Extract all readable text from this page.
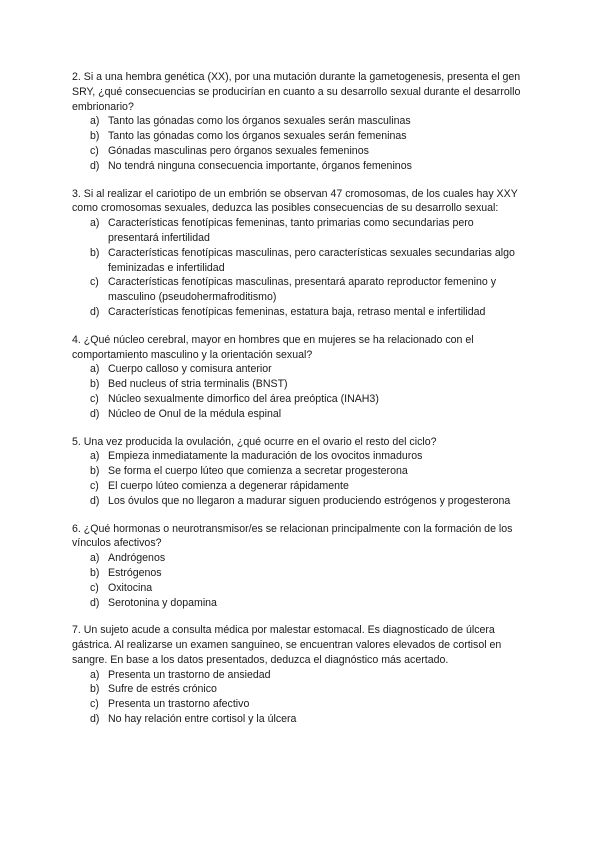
2. Si a una hembra genética (XX), por una mutación durante la gametogenesis, presenta el gen SRY, ¿qué consecuencias se producirían en cuanto a su desarrollo sexual durante el desarrollo embrionario?

a) Tanto las gónadas como los órganos sexuales serán masculinas
b) Tanto las gónadas como los órganos sexuales serán femeninas
c) Gónadas masculinas pero órganos sexuales femeninos
d) No tendrá ninguna consecuencia importante, órganos femeninos

3. Si al realizar el cariotipo de un embrión se observan 47 cromosomas, de los cuales hay XXY como cromosomas sexuales, deduzca las posibles consecuencias de su desarrollo sexual:

a) Características fenotípicas femeninas, tanto primarias como secundarias pero presentará infertilidad
b) Características fenotípicas masculinas, pero características sexuales secundarias algo feminizadas e infertilidad
c) Características fenotípicas masculinas, presentará aparato reproductor femenino y masculino (pseudohermafroditismo)
d) Características fenotípicas femeninas, estatura baja, retraso mental e infertilidad

4. ¿Qué núcleo cerebral, mayor en hombres que en mujeres se ha relacionado con el comportamiento masculino y la orientación sexual?

a) Cuerpo calloso y comisura anterior
b) Bed nucleus of stria terminalis (BNST)
c) Núcleo sexualmente dimorfico del área preóptica (INAH3)
d) Núcleo de Onul de la médula espinal

5. Una vez producida la ovulación, ¿qué ocurre en el ovario el resto del ciclo?

a) Empieza inmediatamente la maduración de los ovocitos inmaduros
b) Se forma el cuerpo lúteo que comienza a secretar progesterona
c) El cuerpo lúteo comienza a degenerar rápidamente
d) Los óvulos que no llegaron a madurar siguen produciendo estrógenos y progesterona

6. ¿Qué hormonas o neurotransmisor/es se relacionan principalmente con la formación de los vínculos afectivos?

a) Andrógenos
b) Estrógenos
c) Oxitocina
d) Serotonina y dopamina

7. Un sujeto acude a consulta médica por malestar estomacal. Es diagnosticado de úlcera gástrica. Al realizarse un examen sanguineo, se encuentran valores elevados de cortisol en sangre. En base a los datos presentados, deduzca el diagnóstico más acertado.

a) Presenta un trastorno de ansiedad
b) Sufre de estrés crónico
c) Presenta un trastorno afectivo
d) No hay relación entre cortisol y la úlcera
